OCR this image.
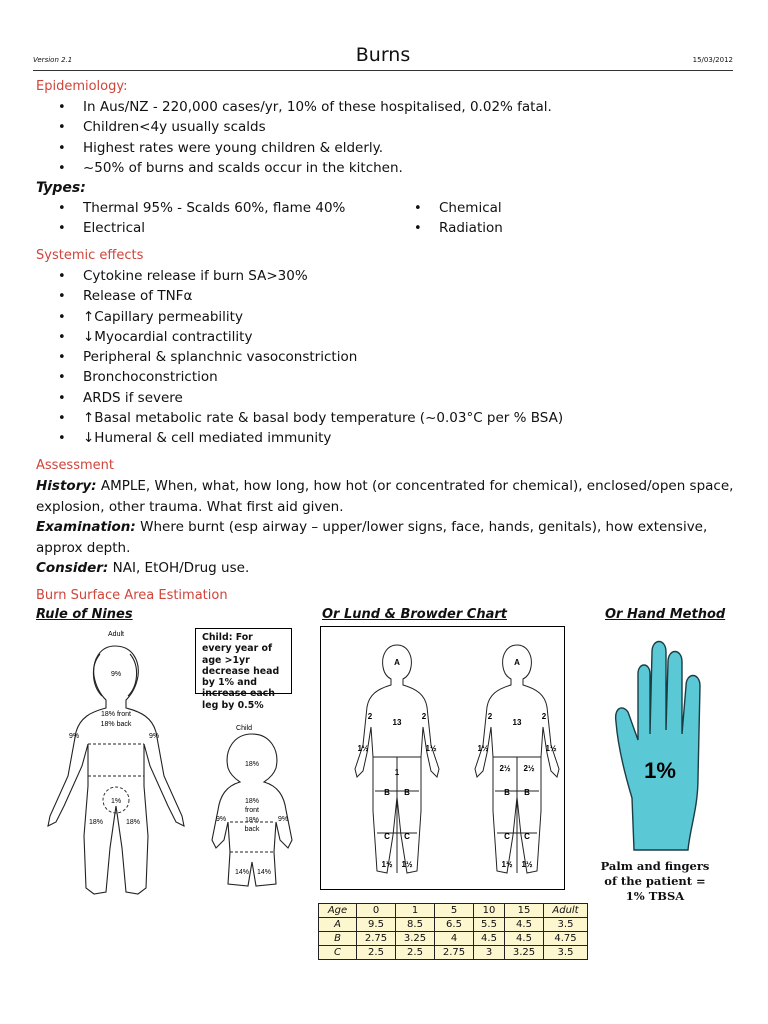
Version 2.1	Burns	15/03/2012
Epidemiology:
• In Aus/NZ - 220,000 cases/yr, 10% of these hospitalised, 0.02% fatal.
• Children<4y usually scalds
• Highest rates were young children & elderly.
• ~50% of burns and scalds occur in the kitchen.
Types:
• Thermal 95% - Scalds 60%, flame 40%
• Electrical
• Chemical
• Radiation
Systemic effects
• Cytokine release if burn SA>30%
• Release of TNFα
• ↑Capillary permeability
• ↓Myocardial contractility
• Peripheral & splanchnic vasoconstriction
• Bronchoconstriction
• ARDS if severe
• ↑Basal metabolic rate & basal body temperature (~0.03°C per % BSA)
• ↓Humeral & cell mediated immunity
Assessment
History: AMPLE, When, what, how long, how hot (or concentrated for chemical), enclosed/open space, explosion, other trauma. What first aid given.
Examination: Where burnt (esp airway – upper/lower signs, face, hands, genitals), how extensive, approx depth.
Consider: NAI, EtOH/Drug use.
Burn Surface Area Estimation
Rule of Nines	Or Lund & Browder Chart	Or Hand Method
Adult
9%
18% front
18% back
9%	9%
1%
18%	18%
Child
18%
18%
front
18%
back
9%	9%
14% 14%
Child: For every year of age >1yr decrease head by 1% and increase each leg by 0.5%
A
13
2	2
1½	1½
1
B B
C C
1½ 1½
A
13
2	2
1½	1½
2½ 2½
B B
C C
1½ 1½
Age	0	1	5	10	15	Adult
A	9.5	8.5	6.5	5.5	4.5	3.5
B	2.75	3.25	4	4.5	4.5	4.75
C	2.5	2.5	2.75	3	3.25	3.5
1%
Palm and fingers of the patient = 1% TBSA
